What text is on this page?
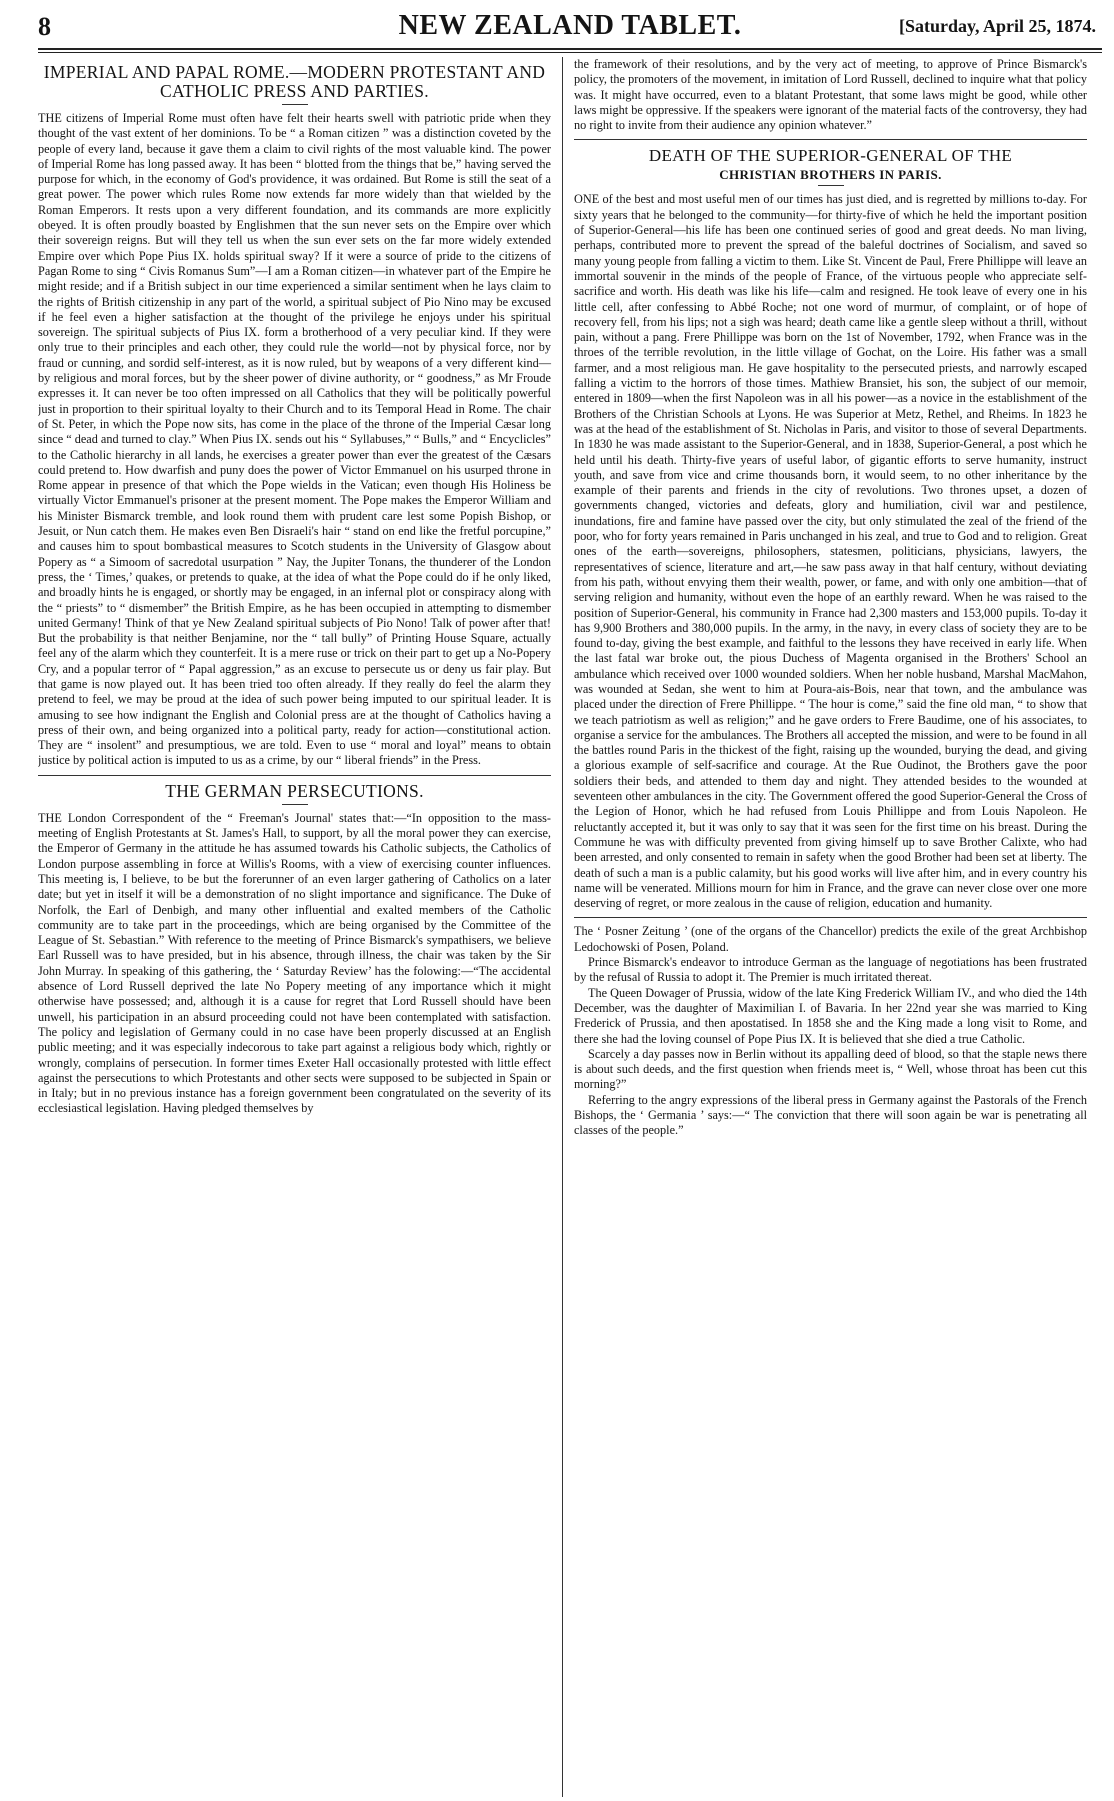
8	NEW ZEALAND TABLET.	[Saturday, April 25, 1874.
IMPERIAL AND PAPAL ROME.—MODERN PROTESTANT AND CATHOLIC PRESS AND PARTIES.

THE citizens of Imperial Rome must often have felt their hearts swell with patriotic pride when they thought of the vast extent of her dominions. To be “ a Roman citizen ” was a distinction coveted by the people of every land, because it gave them a claim to civil rights of the most valuable kind. The power of Imperial Rome has long passed away. It has been “ blotted from the things that be,” having served the purpose for which, in the economy of God's providence, it was ordained. But Rome is still the seat of a great power. The power which rules Rome now extends far more widely than that wielded by the Roman Emperors. It rests upon a very different foundation, and its commands are more explicitly obeyed. It is often proudly boasted by Englishmen that the sun never sets on the Empire over which their sovereign reigns. But will they tell us when the sun ever sets on the far more widely extended Empire over which Pope Pius IX. holds spiritual sway? If it were a source of pride to the citizens of Pagan Rome to sing “ Civis Romanus Sum”—I am a Roman citizen—in whatever part of the Empire he might reside; and if a British subject in our time experienced a similar sentiment when he lays claim to the rights of British citizenship in any part of the world, a spiritual subject of Pio Nino may be excused if he feel even a higher satisfaction at the thought of the privilege he enjoys under his spiritual sovereign. The spiritual subjects of Pius IX. form a brotherhood of a very peculiar kind. If they were only true to their principles and each other, they could rule the world—not by physical force, nor by fraud or cunning, and sordid self-interest, as it is now ruled, but by weapons of a very different kind—by religious and moral forces, but by the sheer power of divine authority, or “ goodness,” as Mr Froude expresses it. It can never be too often impressed on all Catholics that they will be politically powerful just in proportion to their spiritual loyalty to their Church and to its Temporal Head in Rome. The chair of St. Peter, in which the Pope now sits, has come in the place of the throne of the Imperial Cæsar long since “ dead and turned to clay.” When Pius IX. sends out his “ Syllabuses,” “ Bulls,” and “ Encyclicles” to the Catholic hierarchy in all lands, he exercises a greater power than ever the greatest of the Cæsars could pretend to. How dwarfish and puny does the power of Victor Emmanuel on his usurped throne in Rome appear in presence of that which the Pope wields in the Vatican; even though His Holiness be virtually Victor Emmanuel's prisoner at the present moment. The Pope makes the Emperor William and his Minister Bismarck tremble, and look round them with prudent care lest some Popish Bishop, or Jesuit, or Nun catch them. He makes even Ben Disraeli's hair “ stand on end like the fretful porcupine,” and causes him to spout bombastical measures to Scotch students in the University of Glasgow about Popery as “ a Simoom of sacredotal usurpation ” Nay, the Jupiter Tonans, the thunderer of the London press, the ‘ Times,’ quakes, or pretends to quake, at the idea of what the Pope could do if he only liked, and broadly hints he is engaged, or shortly may be engaged, in an infernal plot or conspiracy along with the “ priests” to “ dismember” the British Empire, as he has been occupied in attempting to dismember united Germany! Think of that ye New Zealand spiritual subjects of Pio Nono! Talk of power after that! But the probability is that neither Benjamine, nor the “ tall bully” of Printing House Square, actually feel any of the alarm which they counterfeit. It is a mere ruse or trick on their part to get up a No-Popery Cry, and a popular terror of “ Papal aggression,” as an excuse to persecute us or deny us fair play. But that game is now played out. It has been tried too often already. If they really do feel the alarm they pretend to feel, we may be proud at the idea of such power being imputed to our spiritual leader. It is amusing to see how indignant the English and Colonial press are at the thought of Catholics having a press of their own, and being organized into a political party, ready for action—constitutional action. They are “ insolent” and presumptious, we are told. Even to use “ moral and loyal” means to obtain justice by political action is imputed to us as a crime, by our “ liberal friends” in the Press.

THE GERMAN PERSECUTIONS.

THE London Correspondent of the “ Freeman's Journal' states that:—“In opposition to the mass-meeting of English Protestants at St. James's Hall, to support, by all the moral power they can exercise, the Emperor of Germany in the attitude he has assumed towards his Catholic subjects, the Catholics of London purpose assembling in force at Willis's Rooms, with a view of exercising counter influences. This meeting is, I believe, to be but the forerunner of an even larger gathering of Catholics on a later date; but yet in itself it will be a demonstration of no slight importance and significance. The Duke of Norfolk, the Earl of Denbigh, and many other influential and exalted members of the Catholic community are to take part in the proceedings, which are being organised by the Committee of the League of St. Sebastian.” With reference to the meeting of Prince Bismarck's sympathisers, we believe Earl Russell was to have presided, but in his absence, through illness, the chair was taken by the Sir John Murray. In speaking of this gathering, the ‘ Saturday Review’ has the folowing:—“The accidental absence of Lord Russell deprived the late No Popery meeting of any importance which it might otherwise have possessed; and, although it is a cause for regret that Lord Russell should have been unwell, his participation in an absurd proceeding could not have been contemplated with satisfaction. The policy and legislation of Germany could in no case have been properly discussed at an English public meeting; and it was especially indecorous to take part against a religious body which, rightly or wrongly, complains of persecution. In former times Exeter Hall occasionally protested with little effect against the persecutions to which Protestants and other sects were supposed to be subjected in Spain or in Italy; but in no previous instance has a foreign government been congratulated on the severity of its ecclesiastical legislation. Having pledged themselves by

the framework of their resolutions, and by the very act of meeting, to approve of Prince Bismarck's policy, the promoters of the movement, in imitation of Lord Russell, declined to inquire what that policy was. It might have occurred, even to a blatant Protestant, that some laws might be good, while other laws might be oppressive. If the speakers were ignorant of the material facts of the controversy, they had no right to invite from their audience any opinion whatever.”

DEATH OF THE SUPERIOR-GENERAL OF THE
CHRISTIAN BROTHERS IN PARIS.

ONE of the best and most useful men of our times has just died, and is regretted by millions to-day. For sixty years that he belonged to the community—for thirty-five of which he held the important position of Superior-General—his life has been one continued series of good and great deeds. No man living, perhaps, contributed more to prevent the spread of the baleful doctrines of Socialism, and saved so many young people from falling a victim to them. Like St. Vincent de Paul, Frere Phillippe will leave an immortal souvenir in the minds of the people of France, of the virtuous people who appreciate self-sacrifice and worth. His death was like his life—calm and resigned. He took leave of every one in his little cell, after confessing to Abbé Roche; not one word of murmur, of complaint, or of hope of recovery fell, from his lips; not a sigh was heard; death came like a gentle sleep without a thrill, without pain, without a pang. Frere Phillippe was born on the 1st of November, 1792, when France was in the throes of the terrible revolution, in the little village of Gochat, on the Loire. His father was a small farmer, and a most religious man. He gave hospitality to the persecuted priests, and narrowly escaped falling a victim to the horrors of those times. Mathiew Bransiet, his son, the subject of our memoir, entered in 1809—when the first Napoleon was in all his power—as a novice in the establishment of the Brothers of the Christian Schools at Lyons. He was Superior at Metz, Rethel, and Rheims. In 1823 he was at the head of the establishment of St. Nicholas in Paris, and visitor to those of several Departments. In 1830 he was made assistant to the Superior-General, and in 1838, Superior-General, a post which he held until his death. Thirty-five years of useful labor, of gigantic efforts to serve humanity, instruct youth, and save from vice and crime thousands born, it would seem, to no other inheritance by the example of their parents and friends in the city of revolutions. Two thrones upset, a dozen of governments changed, victories and defeats, glory and humiliation, civil war and pestilence, inundations, fire and famine have passed over the city, but only stimulated the zeal of the friend of the poor, who for forty years remained in Paris unchanged in his zeal, and true to God and to religion. Great ones of the earth—sovereigns, philosophers, statesmen, politicians, physicians, lawyers, the representatives of science, literature and art,—he saw pass away in that half century, without deviating from his path, without envying them their wealth, power, or fame, and with only one ambition—that of serving religion and humanity, without even the hope of an earthly reward. When he was raised to the position of Superior-General, his community in France had 2,300 masters and 153,000 pupils. To-day it has 9,900 Brothers and 380,000 pupils. In the army, in the navy, in every class of society they are to be found to-day, giving the best example, and faithful to the lessons they have received in early life. When the last fatal war broke out, the pious Duchess of Magenta organised in the Brothers' School an ambulance which received over 1000 wounded soldiers. When her noble husband, Marshal MacMahon, was wounded at Sedan, she went to him at Poura-ais-Bois, near that town, and the ambulance was placed under the direction of Frere Phillippe. “ The hour is come,” said the fine old man, “ to show that we teach patriotism as well as religion;” and he gave orders to Frere Baudime, one of his associates, to organise a service for the ambulances. The Brothers all accepted the mission, and were to be found in all the battles round Paris in the thickest of the fight, raising up the wounded, burying the dead, and giving a glorious example of self-sacrifice and courage. At the Rue Oudinot, the Brothers gave the poor soldiers their beds, and attended to them day and night. They attended besides to the wounded at seventeen other ambulances in the city. The Government offered the good Superior-General the Cross of the Legion of Honor, which he had refused from Louis Phillippe and from Louis Napoleon. He reluctantly accepted it, but it was only to say that it was seen for the first time on his breast. During the Commune he was with difficulty prevented from giving himself up to save Brother Calixte, who had been arrested, and only consented to remain in safety when the good Brother had been set at liberty. The death of such a man is a public calamity, but his good works will live after him, and in every country his name will be venerated. Millions mourn for him in France, and the grave can never close over one more deserving of regret, or more zealous in the cause of religion, education and humanity.

The ‘ Posner Zeitung ’ (one of the organs of the Chancellor) predicts the exile of the great Archbishop Ledochowski of Posen, Poland.

Prince Bismarck's endeavor to introduce German as the language of negotiations has been frustrated by the refusal of Russia to adopt it. The Premier is much irritated thereat.

The Queen Dowager of Prussia, widow of the late King Frederick William IV., and who died the 14th December, was the daughter of Maximilian I. of Bavaria. In her 22nd year she was married to King Frederick of Prussia, and then apostatised. In 1858 she and the King made a long visit to Rome, and there she had the loving counsel of Pope Pius IX. It is believed that she died a true Catholic.

Scarcely a day passes now in Berlin without its appalling deed of blood, so that the staple news there is about such deeds, and the first question when friends meet is, “ Well, whose throat has been cut this morning?”

Referring to the angry expressions of the liberal press in Germany against the Pastorals of the French Bishops, the ‘ Germania ’ says:—“ The conviction that there will soon again be war is penetrating all classes of the people.”
